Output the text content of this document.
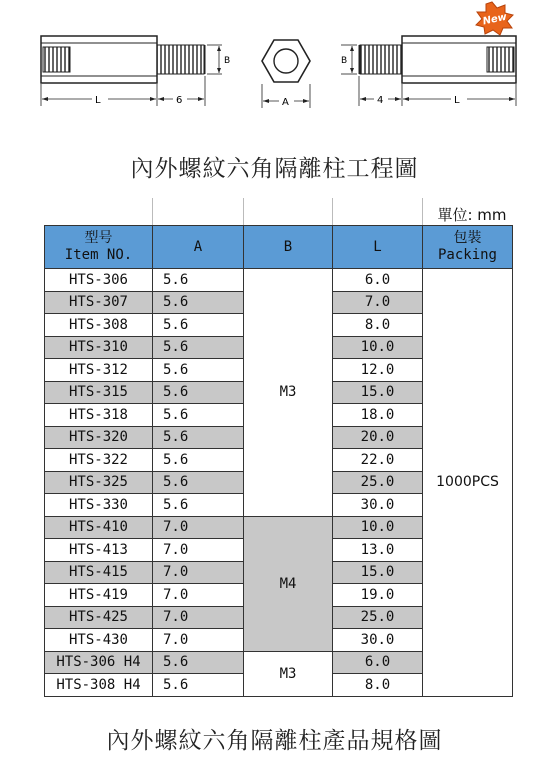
B
L	6	A
B
4	L
New
內外螺紋六角隔離柱工程圖
				單位: mm
型号
Item NO.	A	B	L	包裝
Packing
HTS-306	5.6	M3	6.0	1000PCS
HTS-307	5.6		7.0	
HTS-308	5.6		8.0	
HTS-310	5.6		10.0	
HTS-312	5.6		12.0	
HTS-315	5.6		15.0	
HTS-318	5.6		18.0	
HTS-320	5.6		20.0	
HTS-322	5.6		22.0	
HTS-325	5.6		25.0	
HTS-330	5.6		30.0	
HTS-410	7.0	M4	10.0	
HTS-413	7.0		13.0	
HTS-415	7.0		15.0	
HTS-419	7.0		19.0	
HTS-425	7.0		25.0	
HTS-430	7.0		30.0	
HTS-306 H4	5.6	M3	6.0	
HTS-308 H4	5.6		8.0	
內外螺紋六角隔離柱產品規格圖
